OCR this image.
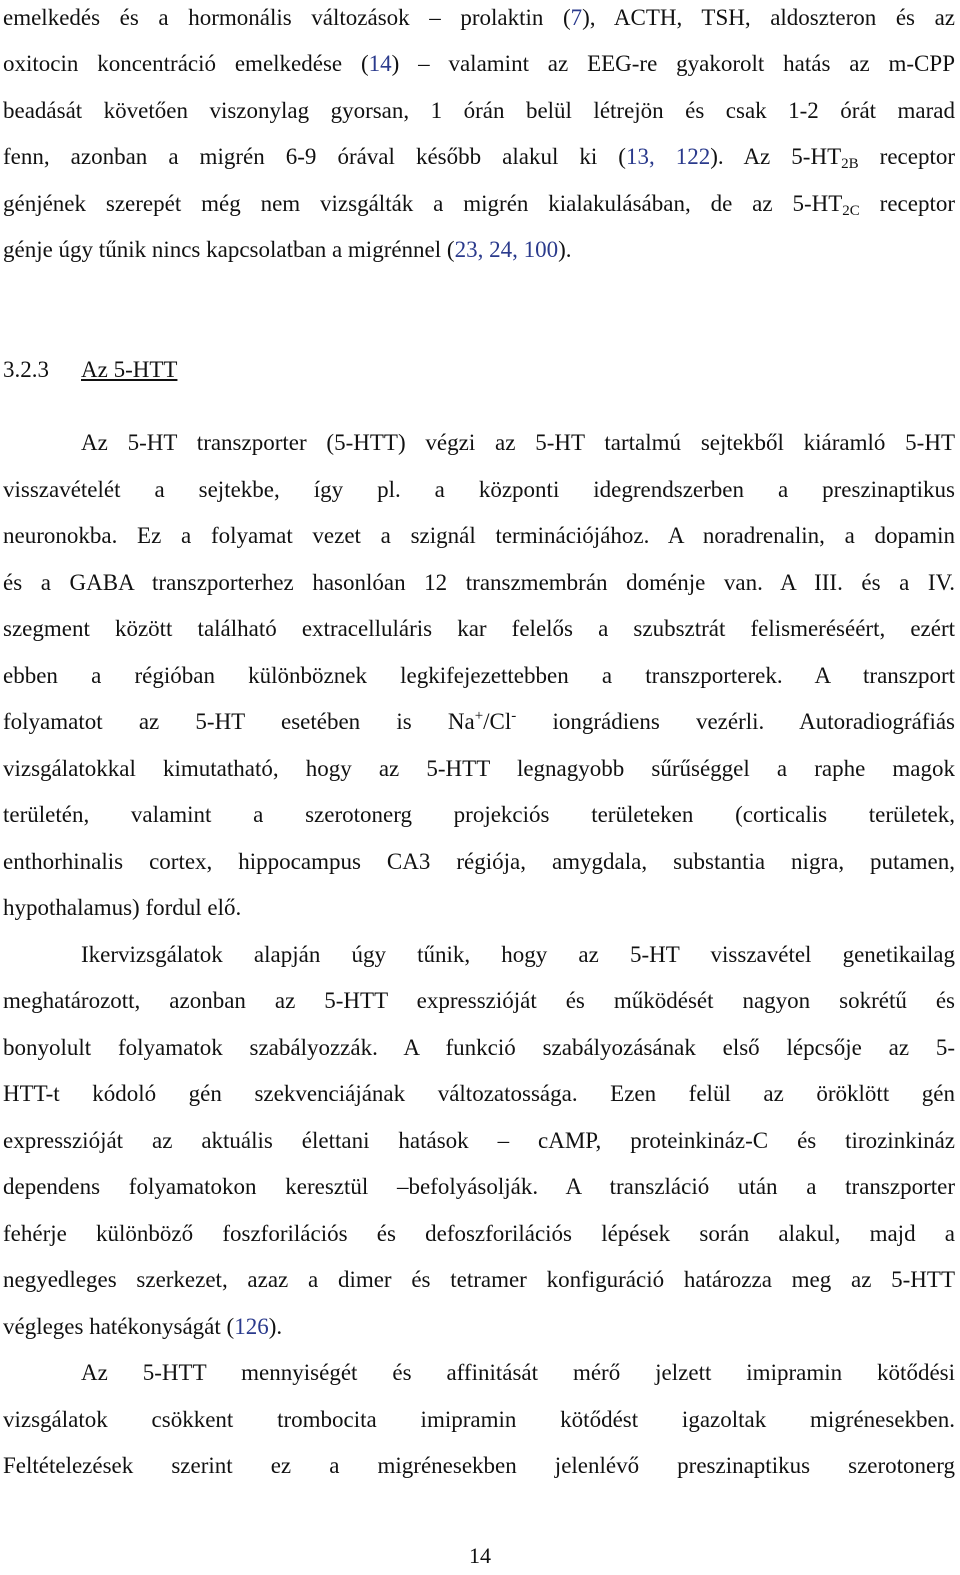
emelkedés és a hormonális változások – prolaktin (7), ACTH, TSH, aldoszteron és az
oxitocin koncentráció emelkedése (14) – valamint az EEG-re gyakorolt hatás az m-CPP
beadását követően viszonylag gyorsan, 1 órán belül létrejön és csak 1-2 órát marad
fenn, azonban a migrén 6-9 órával később alakul ki (13, 122). Az $5-HT_{2B}$ receptor
génjének szerepét még nem vizsgálták a migrén kialakulásában, de az $5-HT_{2C}$ receptor
génje úgy tűnik nincs kapcsolatban a migrénnel (23, 24, 100).
3.2.3 Az 5-HTT
Az 5-HT transzporter (5-HTT) végzi az 5-HT tartalmú sejtekből kiáramló 5-HT
visszavételét a sejtekbe, így pl. a központi idegrendszerben a preszinaptikus
neuronokba. Ez a folyamat vezet a szignál terminációjához. A noradrenalin, a dopamin
és a GABA transzporterhez hasonlóan 12 transzmembrán doménje van. A III. és a IV.
szegment között található extracelluláris kar felelős a szubsztrát felismeréséért, ezért
ebben a régióban különböznek legkifejezettebben a transzporterek. A transzport
folyamatot az 5-HT esetében is Na+/Cl- iongrádiens vezérli. Autoradiográfiás
vizsgálatokkal kimutatható, hogy az 5-HTT legnagyobb sűrűséggel a raphe magok
területén, valamint a szerotonerg projekciós területeken (corticalis területek,
enthorhinalis cortex, hippocampus CA3 régiója, amygdala, substantia nigra, putamen,
hypothalamus) fordul elő.
Ikervizsgálatok alapján úgy tűnik, hogy az 5-HT visszavétel genetikailag
meghatározott, azonban az 5-HTT expresszióját és működését nagyon sokrétű és
bonyolult folyamatok szabályozzák. A funkció szabályozásának első lépcsője az 5-
HTT-t kódoló gén szekvenciájának változatossága. Ezen felül az öröklött gén
expresszióját az aktuális élettani hatások – cAMP, proteinkináz-C és tirozinkináz
dependens folyamatokon keresztül –befolyásolják. A transzláció után a transzporter
fehérje különböző foszforilációs és defoszforilációs lépések során alakul, majd a
negyedleges szerkezet, azaz a dimer és tetramer konfiguráció határozza meg az 5-HTT
végleges hatékonyságát (126).
Az 5-HTT mennyiségét és affinitását mérő jelzett imipramin kötődési
vizsgálatok csökkent trombocita imipramin kötődést igazoltak migrénesekben.
Feltételezések szerint ez a migrénesekben jelenlévő preszinaptikus szerotonerg
14
